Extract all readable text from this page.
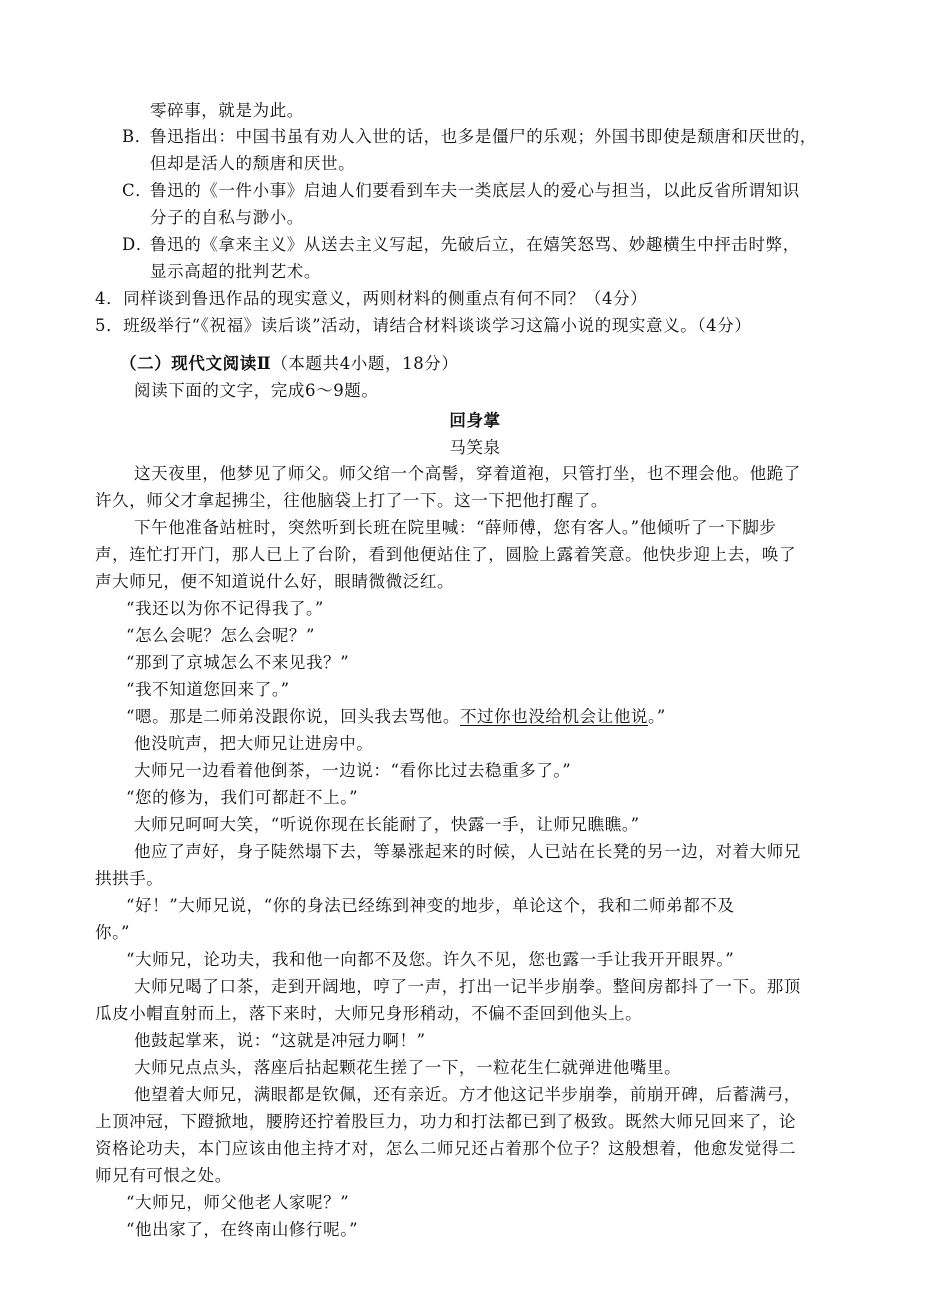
零碎事，就是为此。
B．
鲁迅指出：中国书虽有劝人入世的话，也多是僵尸的乐观；外国书即使是颓唐和厌世的，
但却是活人的颓唐和厌世。
C．
鲁迅的《一件小事》启迪人们要看到车夫一类底层人的爱心与担当，以此反省所谓知识
分子的自私与渺小。
D．
鲁迅的《拿来主义》从送去主义写起，先破后立，在嬉笑怒骂、妙趣横生中抨击时弊，
显示高超的批判艺术。
4．同样谈到鲁迅作品的现实意义，两则材料的侧重点有何不同？（4分）
5．班级举行“《祝福》读后谈”活动，请结合材料谈谈学习这篇小说的现实意义。（4分）
（二）现代文阅读Ⅱ（本题共4小题，18分）
阅读下面的文字，完成6～9题。
回身掌
马笑泉
这天夜里，他梦见了师父。师父绾一个高髻，穿着道袍，只管打坐，也不理会他。他跪了
许久，师父才拿起拂尘，往他脑袋上打了一下。这一下把他打醒了。
下午他准备站桩时，突然听到长班在院里喊：“薛师傅，您有客人。”他倾听了一下脚步
声，连忙打开门，那人已上了台阶，看到他便站住了，圆脸上露着笑意。他快步迎上去，唤了
声大师兄，便不知道说什么好，眼睛微微泛红。
“我还以为你不记得我了。”
“怎么会呢？怎么会呢？”
“那到了京城怎么不来见我？”
“我不知道您回来了。”
“嗯。那是二师弟没跟你说，回头我去骂他。不过你也没给机会让他说。”
他没吭声，把大师兄让进房中。
大师兄一边看着他倒茶，一边说：“看你比过去稳重多了。”
“您的修为，我们可都赶不上。”
大师兄呵呵大笑，“听说你现在长能耐了，快露一手，让师兄瞧瞧。”
他应了声好，身子陡然塌下去，等暴涨起来的时候，人已站在长凳的另一边，对着大师兄
拱拱手。
“好！”大师兄说，“你的身法已经练到神变的地步，单论这个，我和二师弟都不及
你。”
“大师兄，论功夫，我和他一向都不及您。许久不见，您也露一手让我开开眼界。”
大师兄喝了口茶，走到开阔地，哼了一声，打出一记半步崩拳。整间房都抖了一下。那顶
瓜皮小帽直射而上，落下来时，大师兄身形稍动，不偏不歪回到他头上。
他鼓起掌来，说：“这就是冲冠力啊！”
大师兄点点头，落座后拈起颗花生搓了一下，一粒花生仁就弹进他嘴里。
他望着大师兄，满眼都是钦佩，还有亲近。方才他这记半步崩拳，前崩开碑，后蓄满弓，
上顶冲冠，下蹬掀地，腰胯还拧着股巨力，功力和打法都已到了极致。既然大师兄回来了，论
资格论功夫，本门应该由他主持才对，怎么二师兄还占着那个位子？这般想着，他愈发觉得二
师兄有可恨之处。
“大师兄，师父他老人家呢？”
“他出家了，在终南山修行呢。”
